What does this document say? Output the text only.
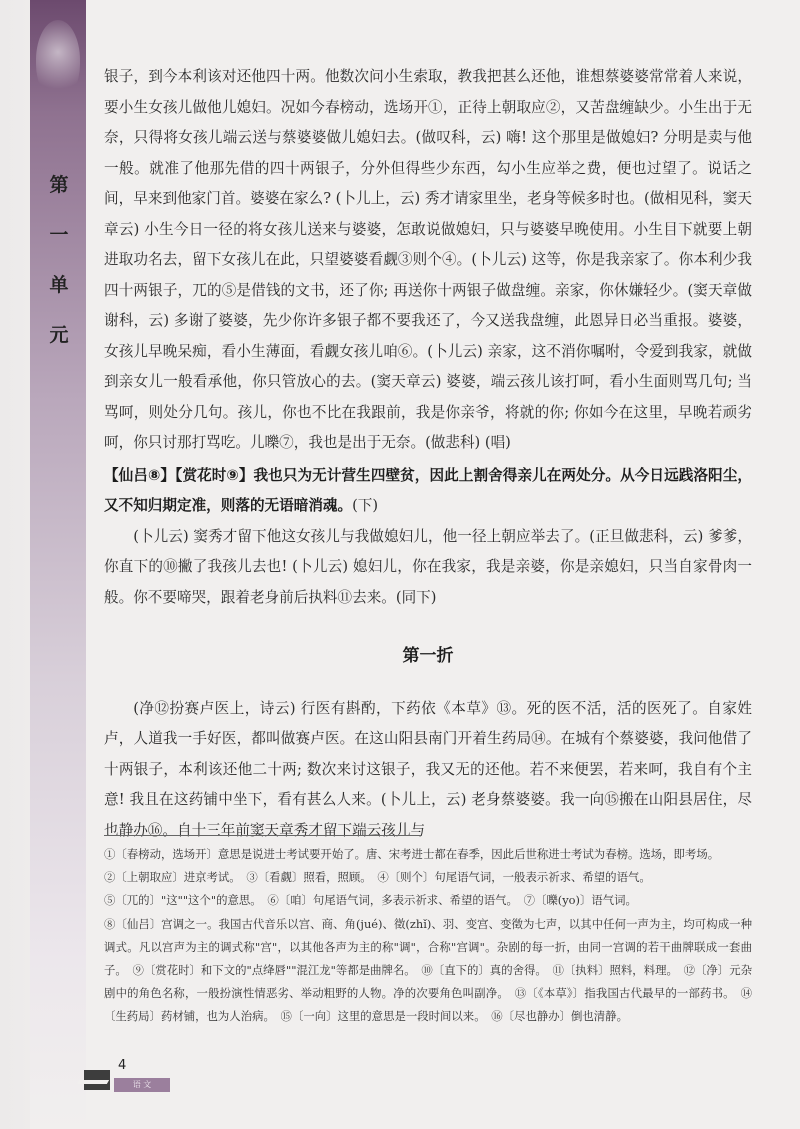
第
一
单
元

银子，到今本利该对还他四十两。他数次问小生索取，教我把甚么还他，谁想蔡婆婆常常着人来说，要小生女孩儿做他儿媳妇。况如今春榜动，选场开①，正待上朝取应②，又苦盘缠缺少。小生出于无奈，只得将女孩儿端云送与蔡婆婆做儿媳妇去。(做叹科，云) 嗨! 这个那里是做媳妇? 分明是卖与他一般。就准了他那先借的四十两银子，分外但得些少东西，勾小生应举之费，便也过望了。说话之间，早来到他家门首。婆婆在家么? (卜儿上，云) 秀才请家里坐，老身等候多时也。(做相见科，窦天章云) 小生今日一径的将女孩儿送来与婆婆，怎敢说做媳妇，只与婆婆早晚使用。小生目下就要上朝进取功名去，留下女孩儿在此，只望婆婆看觑③则个④。(卜儿云) 这等，你是我亲家了。你本利少我四十两银子，兀的⑤是借钱的文书，还了你; 再送你十两银子做盘缠。亲家，你休嫌轻少。(窦天章做谢科，云) 多谢了婆婆，先少你许多银子都不要我还了，今又送我盘缠，此恩异日必当重报。婆婆，女孩儿早晚呆痴，看小生薄面，看觑女孩儿咱⑥。(卜儿云) 亲家，这不消你嘱咐，令爱到我家，就做到亲女儿一般看承他，你只管放心的去。(窦天章云) 婆婆，端云孩儿该打呵，看小生面则骂几句; 当骂呵，则处分几句。孩儿，你也不比在我跟前，我是你亲爷，将就的你; 你如今在这里，早晚若顽劣呵，你只讨那打骂吃。儿嚛⑦，我也是出于无奈。(做悲科) (唱)

【仙吕⑧】【赏花时⑨】我也只为无计营生四壁贫，因此上割舍得亲儿在两处分。从今日远践洛阳尘，又不知归期定准，则落的无语暗消魂。(下)

(卜儿云) 窦秀才留下他这女孩儿与我做媳妇儿，他一径上朝应举去了。(正旦做悲科，云) 爹爹，你直下的⑩撇了我孩儿去也! (卜儿云) 媳妇儿，你在我家，我是亲婆，你是亲媳妇，只当自家骨肉一般。你不要啼哭，跟着老身前后执料⑪去来。(同下)

第一折

(净⑫扮赛卢医上，诗云) 行医有斟酌，下药依《本草》⑬。死的医不活，活的医死了。自家姓卢，人道我一手好医，都叫做赛卢医。在这山阳县南门开着生药局⑭。在城有个蔡婆婆，我问他借了十两银子，本利该还他二十两; 数次来讨这银子，我又无的还他。若不来便罢，若来呵，我自有个主意! 我且在这药铺中坐下，看有甚么人来。(卜儿上，云) 老身蔡婆婆。我一向⑮搬在山阳县居住，尽也静办⑯。自十三年前窦天章秀才留下端云孩儿与

①〔春榜动，选场开〕意思是说进士考试要开始了。唐、宋考进士都在春季，因此后世称进士考试为春榜。选场，即考场。

②〔上朝取应〕进京考试。　③〔看觑〕照看，照顾。　④〔则个〕句尾语气词，一般表示祈求、希望的语气。

⑤〔兀的〕"这""这个"的意思。　⑥〔咱〕句尾语气词，多表示祈求、希望的语气。　⑦〔嚛(yo)〕语气词。

⑧〔仙吕〕宫调之一。我国古代音乐以宫、商、角(jué)、徵(zhǐ)、羽、变宫、变徵为七声，以其中任何一声为主，均可构成一种调式。凡以宫声为主的调式称"宫"，以其他各声为主的称"调"，合称"宫调"。杂剧的每一折，由同一宫调的若干曲牌联成一套曲子。　⑨〔赏花时〕和下文的"点绛唇""混江龙"等都是曲牌名。　⑩〔直下的〕真的舍得。　⑪〔执料〕照料，料理。　⑫〔净〕元杂剧中的角色名称，一般扮演性情恶劣、举动粗野的人物。净的次要角色叫副净。　⑬〔《本草》〕指我国古代最早的一部药书。　⑭〔生药局〕药材铺，也为人治病。　⑮〔一向〕这里的意思是一段时间以来。　⑯〔尽也静办〕倒也清静。

4
语 文
